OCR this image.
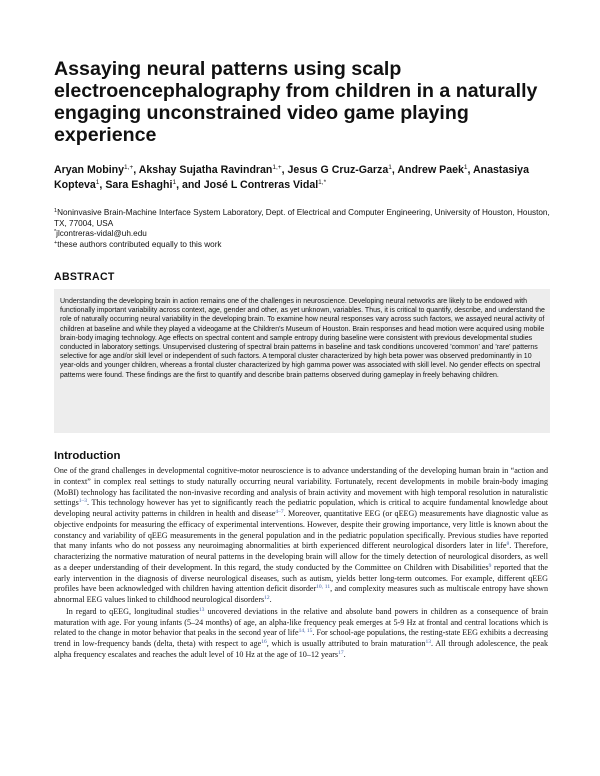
Assaying neural patterns using scalp electroencephalography from children in a naturally engaging unconstrained video game playing experience
Aryan Mobiny$^{1,+}$, Akshay Sujatha Ravindran$^{1,+}$, Jesus G Cruz-Garza$^1$, Andrew Paek$^1$, Anastasiya Kopteva$^1$, Sara Eshaghi$^1$, and José L Contreras Vidal$^{1,*}$

$^1$Noninvasive Brain-Machine Interface System Laboratory, Dept. of Electrical and Computer Engineering, University of Houston, Houston, TX, 77004, USA

*jlcontreras-vidal@uh.edu

+these authors contributed equally to this work

ABSTRACT

Understanding the developing brain in action remains one of the challenges in neuroscience. Developing neural networks are likely to be endowed with functionally important variability across context, age, gender and other, as yet unknown, variables. Thus, it is critical to quantify, describe, and understand the role of naturally occurring neural variability in the developing brain. To examine how neural responses vary across such factors, we assayed neural activity of children at baseline and while they played a videogame at the Children's Museum of Houston. Brain responses and head motion were acquired using mobile brain-body imaging technology. Age effects on spectral content and sample entropy during baseline were consistent with previous developmental studies conducted in laboratory settings. Unsupervised clustering of spectral brain patterns in baseline and task conditions uncovered 'common' and 'rare' patterns selective for age and/or skill level or independent of such factors. A temporal cluster characterized by high beta power was observed predominantly in 10 year-olds and younger children, whereas a frontal cluster characterized by high gamma power was associated with skill level. No gender effects on spectral patterns were found. These findings are the first to quantify and describe brain patterns observed during gameplay in freely behaving children.

Introduction

One of the grand challenges in developmental cognitive-motor neuroscience is to advance understanding of the developing human brain in “action and in context” in complex real settings to study naturally occurring neural variability. Fortunately, recent developments in mobile brain-body imaging (MoBI) technology has facilitated the non-invasive recording and analysis of brain activity and movement with high temporal resolution in naturalistic settings$^{1-3}$. This technology however has yet to significantly reach the pediatric population, which is critical to acquire fundamental knowledge about developing neural activity patterns in children in health and disease$^{4-7}$. Moreover, quantitative EEG (or qEEG) measurements have diagnostic value as objective endpoints for measuring the efficacy of experimental interventions. However, despite their growing importance, very little is known about the constancy and variability of qEEG measurements in the general population and in the pediatric population specifically. Previous studies have reported that many infants who do not possess any neuroimaging abnormalities at birth experienced different neurological disorders later in life$^8$. Therefore, characterizing the normative maturation of neural patterns in the developing brain will allow for the timely detection of neurological disorders, as well as a deeper understanding of their development. In this regard, the study conducted by the Committee on Children with Disabilities$^9$ reported that the early intervention in the diagnosis of diverse neurological diseases, such as autism, yields better long-term outcomes. For example, different qEEG profiles have been acknowledged with children having attention deficit disorder$^{10, 11}$, and complexity measures such as multiscale entropy have shown abnormal EEG values linked to childhood neurological disorders$^{12}$.

In regard to qEEG, longitudinal studies$^{13}$ uncovered deviations in the relative and absolute band powers in children as a consequence of brain maturation with age. For young infants (5–24 months) of age, an alpha-like frequency peak emerges at 5-9 Hz at frontal and central locations which is related to the change in motor behavior that peaks in the second year of life$^{14, 15}$. For school-age populations, the resting-state EEG exhibits a decreasing trend in low-frequency bands (delta, theta) with respect to age$^{16}$, which is usually attributed to brain maturation$^{13}$. All through adolescence, the peak alpha frequency escalates and reaches the adult level of 10 Hz at the age of 10–12 years$^{17}$.
